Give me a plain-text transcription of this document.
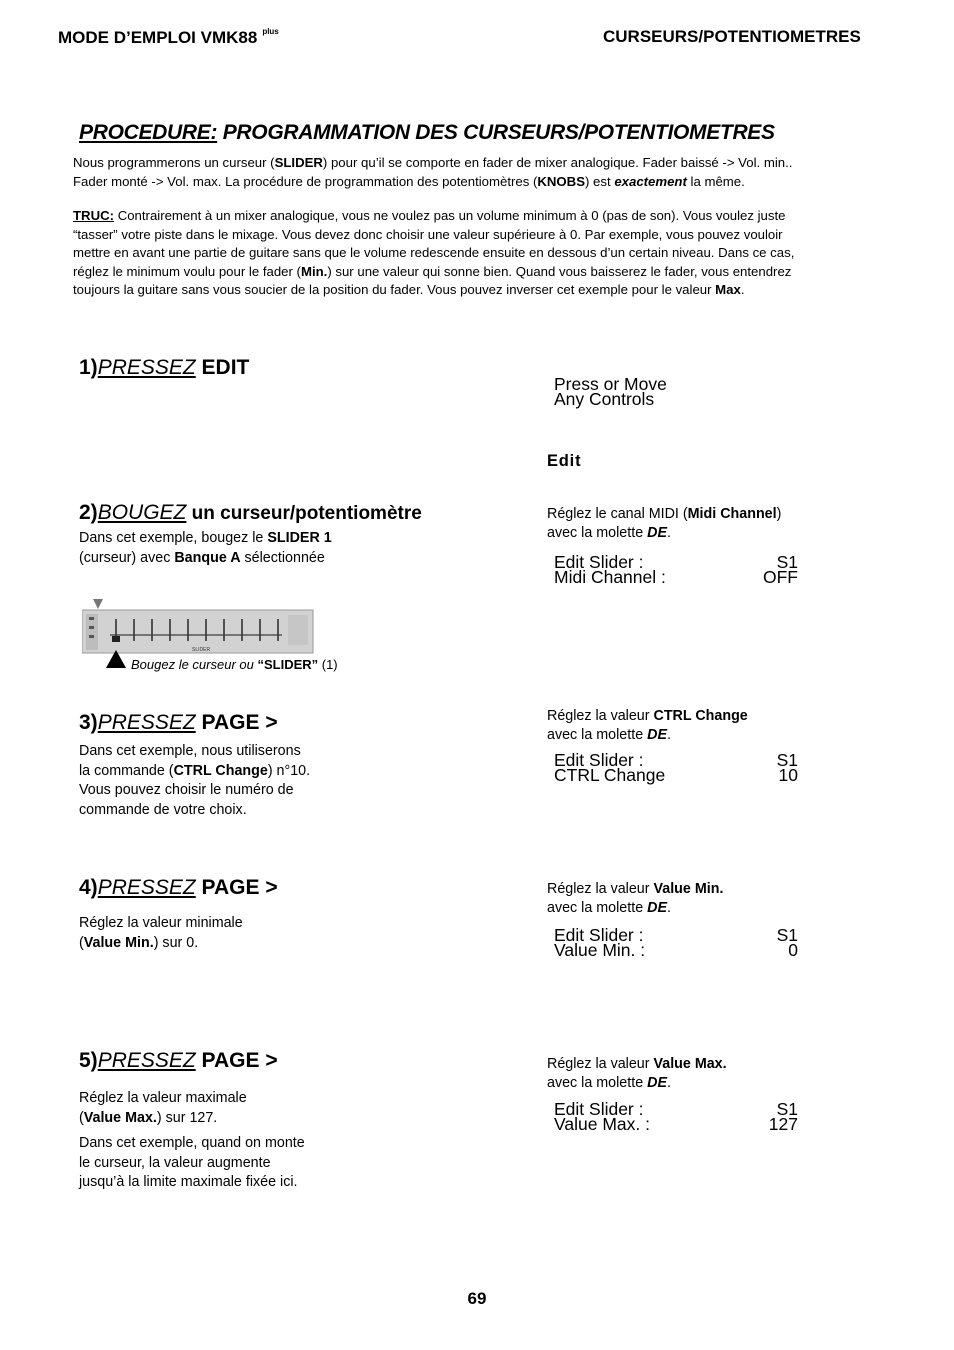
MODE D’EMPLOI VMK88 $^{plus}$	CURSEURS/POTENTIOMETRES
PROCEDURE: PROGRAMMATION DES CURSEURS/POTENTIOMETRES
Nous programmerons un curseur (SLIDER) pour qu’il se comporte en fader de mixer analogique. Fader baissé -> Vol. min..
Fader monté -> Vol. max. La procédure de programmation des potentiomètres (KNOBS) est exactement la même.
TRUC: Contrairement à un mixer analogique, vous ne voulez pas un volume minimum à 0 (pas de son). Vous voulez juste
“tasser” votre piste dans le mixage. Vous devez donc choisir une valeur supérieure à 0. Par exemple, vous pouvez vouloir
mettre en avant une partie de guitare sans que le volume redescende ensuite en dessous d’un certain niveau. Dans ce cas,
réglez le minimum voulu pour le fader (Min.) sur une valeur qui sonne bien. Quand vous baisserez le fader, vous entendrez
toujours la guitare sans vous soucier de la position du fader. Vous pouvez inverser cet exemple pour le valeur Max.
1)PRESSEZ EDIT
Press or Move
Any Controls
Edit
2)BOUGEZ un curseur/potentiomètre
Dans cet exemple, bougez le SLIDER 1
(curseur) avec Banque A sélectionnée
Réglez le canal MIDI (Midi Channel)
avec la molette DE.
Edit Slider :	S1
Midi Channel :	OFF
SLIDER
Bougez le curseur ou “SLIDER” (1)
3)PRESSEZ PAGE >
Dans cet exemple, nous utiliserons
la commande (CTRL Change) n°10.
Vous pouvez choisir le numéro de
commande de votre choix.
Réglez la valeur CTRL Change
avec la molette DE.
Edit Slider :	S1
CTRL Change	10
4)PRESSEZ PAGE >
Réglez la valeur minimale
(Value Min.) sur 0.
Réglez la valeur Value Min.
avec la molette DE.
Edit Slider :	S1
Value Min. :	0
5)PRESSEZ PAGE >
Réglez la valeur maximale
(Value Max.) sur 127.
Dans cet exemple, quand on monte
le curseur, la valeur augmente
jusqu’à la limite maximale fixée ici.
Réglez la valeur Value Max.
avec la molette DE.
Edit Slider :	S1
Value Max. :	127
69
